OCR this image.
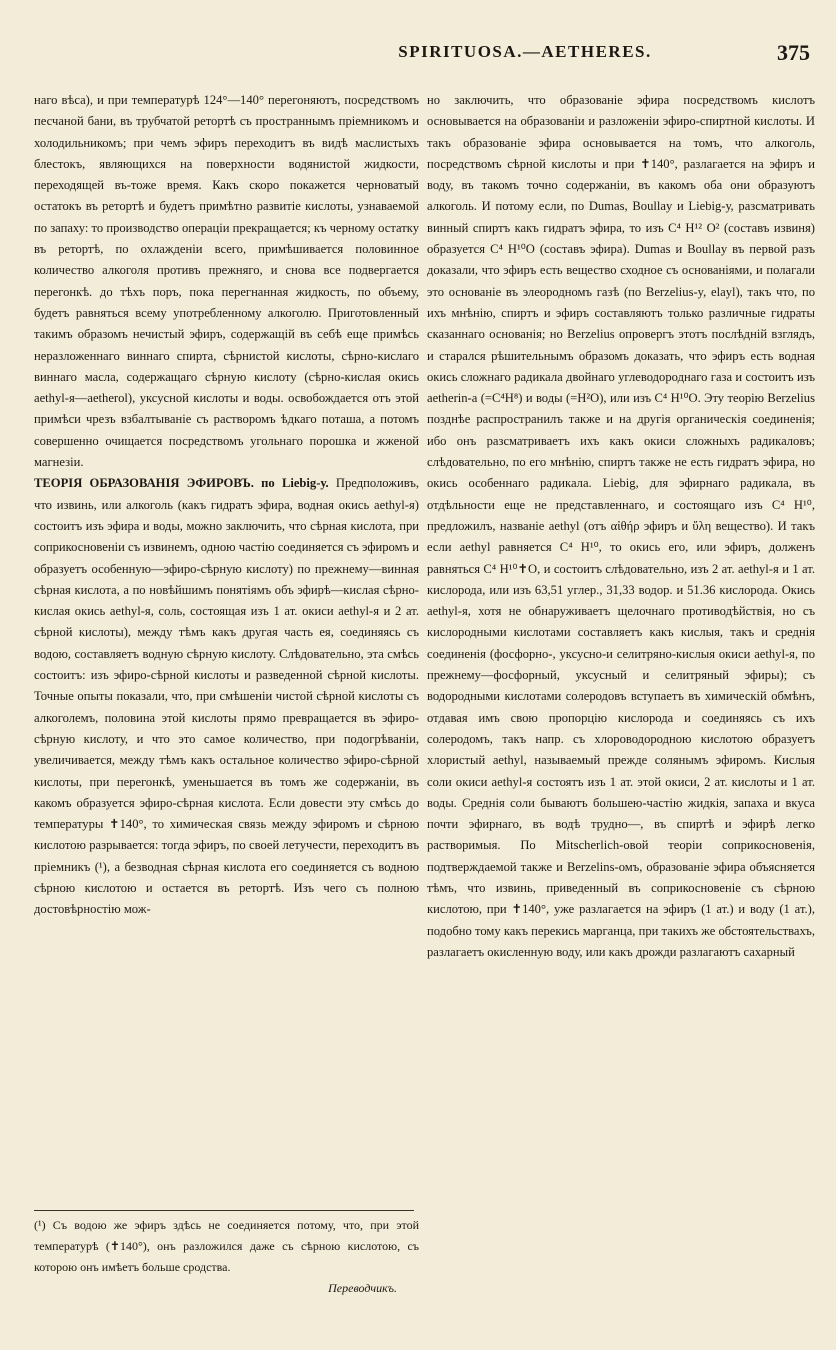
SPIRITUOSA.—AETHERES.	375

наго вѣса), и при температурѣ 124°—140° перегоняютъ, посредствомъ песчаной бани, въ трубчатой ретортѣ съ пространнымъ пріемникомъ и холодильникомъ; при чемъ эфиръ переходитъ въ видѣ маслистыхъ блестокъ, являющихся на поверхности водянистой жидкости, переходящей въ-тоже время. Какъ скоро покажется черноватый остатокъ въ ретортѣ и будетъ примѣтно развитіе кислоты, узнаваемой по запаху: то производство операціи прекращается; къ черному остатку въ ретортѣ, по охлажденіи всего, примѣшивается половинное количество алкоголя противъ прежняго, и снова все подвергается перегонкѣ. до тѣхъ поръ, пока перегнанная жидкость, по объему, будетъ равняться всему употребленному алкоголю. Приготовленный такимъ образомъ нечистый эфиръ, содержащій въ себѣ еще примѣсь неразложеннаго виннаго спирта, сѣрнистой кислоты, сѣрно-кислаго виннаго масла, содержащаго сѣрную кислоту (сѣрно-кислая окись aethyl-я—aetherol), уксусной кислоты и воды. освобождается отъ этой примѣси чрезъ взбалтываніе съ растворомъ ѣдкаго поташа, а потомъ совершенно очищается посредствомъ угольнаго порошка и жженой магнезіи.

ТЕОРІЯ ОБРАЗОВАНІЯ ЭФИРОВЪ. по Liebig-у. Предположивъ, что извинь, или алкоголь (какъ гидратъ эфира, водная окись aethyl-я) состоитъ изъ эфира и воды, можно заключить, что сѣрная кислота, при соприкосновеніи съ извинемъ, одною частію соединяется съ эфиромъ и образуетъ особенную—эфиро-сѣрную кислоту) по прежнему—винная сѣрная кислота, а по новѣйшимъ понятіямъ объ эфирѣ—кислая сѣрно-кислая окись aethyl-я, соль, состоящая изъ 1 ат. окиси aethyl-я и 2 ат. сѣрной кислоты), между тѣмъ какъ другая часть ея, соединяясь съ водою, составляетъ водную сѣрную кислоту. Слѣдовательно, эта смѣсь состоитъ: изъ эфиро-сѣрной кислоты и разведенной сѣрной кислоты. Точные опыты показали, что, при смѣшеніи чистой сѣрной кислоты съ алкоголемъ, половина этой кислоты прямо превращается въ эфиро-сѣрную кислоту, и что это самое количество, при подогрѣваніи, увеличивается, между тѣмъ какъ остальное количество эфиро-сѣрной кислоты, при перегонкѣ, уменьшается въ томъ же содержаніи, въ какомъ образуется эфиро-сѣрная кислота. Если довести эту смѣсь до температуры ✝140°, то химическая связь между эфиромъ и сѣрною кислотою разрывается: тогда эфиръ, по своей летучести, переходитъ въ пріемникъ (¹), а безводная сѣрная кислота его соединяется съ водною сѣрною кислотою и остается въ ретортѣ. Изъ чего съ полною достовѣрностію мож-

(¹) Съ водою же эфиръ здѣсь не соединяется потому, что, при этой температурѣ (✝140°), онъ разложился даже съ сѣрною кислотою, съ которою онъ имѣетъ больше сродства.
Переводчикъ.

но заключить, что образованіе эфира посредствомъ кислотъ основывается на образованіи и разложеніи эфиро-спиртной кислоты. И такъ образованіе эфира основывается на томъ, что алкоголь, посредствомъ сѣрной кислоты и при ✝140°, разлагается на эфиръ и воду, въ такомъ точно содержаніи, въ какомъ оба они образуютъ алкоголь. И потому если, по Dumas, Boullay и Liebig-у, разсматривать винный спиртъ какъ гидратъ эфира, то изъ C⁴ H¹² O² (составъ извиня) образуется C⁴ H¹⁰O (составъ эфира). Dumas и Boullay въ первой разъ доказали, что эфиръ есть вещество сходное съ основаніями, и полагали это основаніе въ элеородномъ газѣ (по Berzelius-y, elayl), такъ что, по ихъ мнѣнію, спиртъ и эфиръ составляютъ только различные гидраты сказаннаго основанія; но Berzelius опровергъ этотъ послѣдній взглядъ, и старался рѣшительнымъ образомъ доказать, что эфиръ есть водная окись сложнаго радикала двойнаго углеводороднаго газа и состоитъ изъ aetherin-а (=C⁴H⁸) и воды (=H²O), или изъ C⁴ H¹⁰O. Эту теорію Berzelius позднѣе распространилъ также и на другія органическія соединенія; ибо онъ разсматриваетъ ихъ какъ окиси сложныхъ радикаловъ; слѣдовательно, по его мнѣнію, спиртъ также не есть гидратъ эфира, но окись особеннаго радикала. Liebig, для эфирнаго радикала, въ отдѣльности еще не представленнаго, и состоящаго изъ C⁴ H¹⁰, предложилъ, названіе aethyl (отъ αἰθήρ эфиръ и ὕλη вещество). И такъ если aethyl равняется C⁴ H¹⁰, то окись его, или эфиръ, долженъ равняться C⁴ H¹⁰✝O, и состоитъ слѣдовательно, изъ 2 ат. aethyl-я и 1 ат. кислорода, или изъ 63,51 углер., 31,33 водор. и 51.36 кислорода. Окись aethyl-я, хотя не обнаруживаетъ щелочнаго противодѣйствія, но съ кислородными кислотами составляетъ какъ кислыя, такъ и среднія соединенія (фосфорно-, уксусно-и селитряно-кислыя окиси aethyl-я, по прежнему—фосфорный, уксусный и селитряный эфиры); съ водородными кислотами солеродовъ вступаетъ въ химическій обмѣнъ, отдавая имъ свою пропорцію кислорода и соединяясь съ ихъ солеродомъ, такъ напр. съ хлороводородною кислотою образуетъ хлористый aethyl, называемый прежде солянымъ эфиромъ. Кислыя соли окиси aethyl-я состоятъ изъ 1 ат. этой окиси, 2 ат. кислоты и 1 ат. воды. Среднія соли бываютъ большею-частію жидкія, запаха и вкуса почти эфирнаго, въ водѣ трудно—, въ спиртѣ и эфирѣ легко растворимыя. По Mitscherlich-овой теоріи соприкосновенія, подтверждаемой также и Berzelins-омъ, образованіе эфира объясняется тѣмъ, что извинь, приведенный въ соприкосновеніе съ сѣрною кислотою, при ✝140°, уже разлагается на эфиръ (1 ат.) и воду (1 ат.), подобно тому какъ перекись марганца, при такихъ же обстоятельствахъ, разлагаетъ окисленную воду, или какъ дрожди разлагаютъ сахарный
